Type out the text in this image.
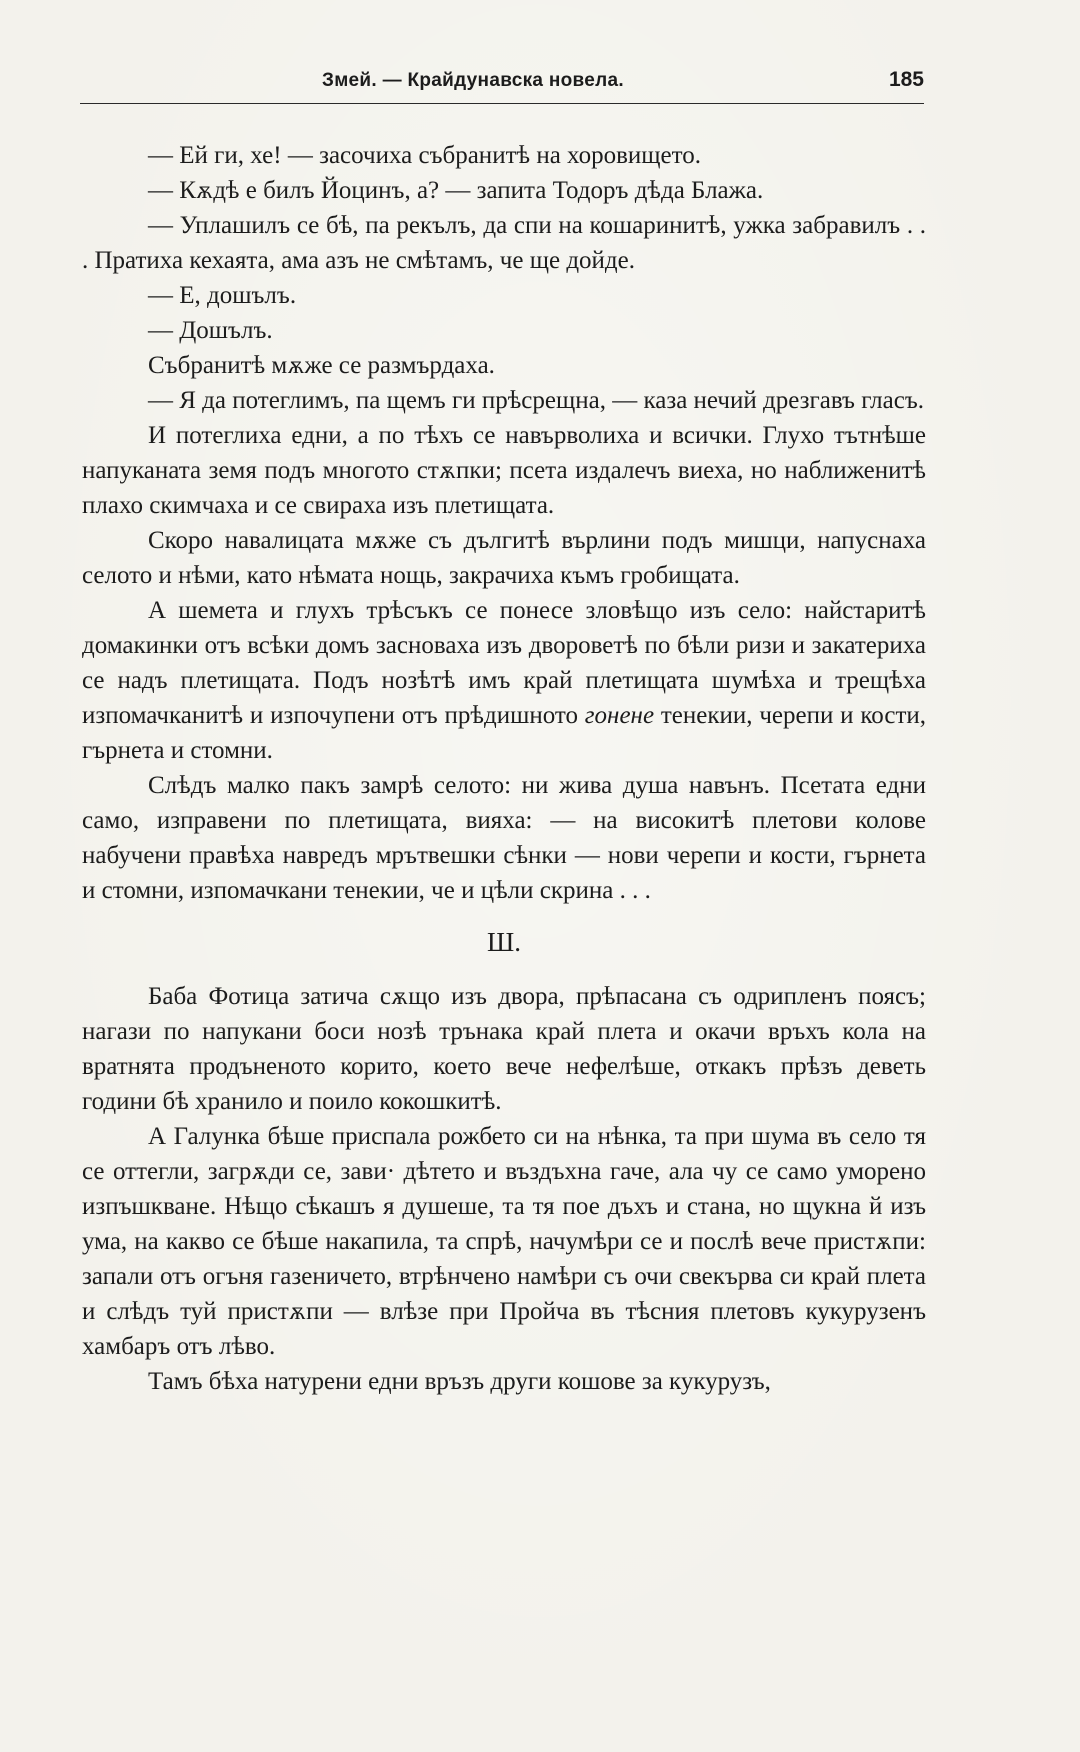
Змей. — Крайдунавска новела.	185

— Ей ги, хе! — засочиха събранитѣ на хоровището.

— Кѫдѣ е билъ Йоцинъ, а? — запита Тодоръ дѣда Блажа.

— Уплашилъ се бѣ, па рекълъ, да спи на кошаринитѣ, ужка забравилъ . . . Пратиха кехаята, ама азъ не смѣтамъ, че ще дойде.

— Е, дошълъ.

— Дошълъ.

Събранитѣ мѫже се размърдаха.

— Я да потеглимъ, па щемъ ги прѣсрещна, — каза нечий дрезгавъ гласъ.

И потеглиха едни, а по тѣхъ се навърволиха и всички. Глухо тътнѣше напуканата земя подъ многото стѫпки; псета издалечъ виеха, но наближенитѣ плахо скимчаха и се свираха изъ плетищата.

Скоро навалицата мѫже съ дългитѣ върлини подъ мишци, напуснаха селото и нѣми, като нѣмата нощь, закрачиха къмъ гробищата.

А шемета и глухъ трѣсъкъ се понесе зловѣщо изъ село: найстаритѣ домакинки отъ всѣки домъ засноваха изъ двороветѣ по бѣли ризи и закатериха се надъ плетищата. Подъ нозѣтѣ имъ край плетищата шумѣха и трещѣха изпомачканитѣ и изпочупени отъ прѣдишното гонене тенекии, черепи и кости, гърнета и стомни.

Слѣдъ малко пакъ замрѣ селото: ни жива душа навънъ. Псетата едни само, изправени по плетищата, вияха: — на високитѣ плетови колове набучени правѣха навредъ мрътвешки сѣнки — нови черепи и кости, гърнета и стомни, изпомачкани тенекии, че и цѣли скрина . . .

Ш.

Баба Фотица затича сѫщо изъ двора, прѣпасана съ одрипленъ поясъ; нагази по напукани боси нозѣ трънака край плета и окачи връхъ кола на вратнята продъненото корито, което вече нефелѣше, откакъ прѣзъ деветь години бѣ хранило и поило кокошкитѣ.

А Галунка бѣше приспала рожбето си на нѣнка, та при шума въ село тя се оттегли, загрѫди се, зави· дѣтето и въздъхна гаче, ала чу се само уморено изпъшкване. Нѣщо сѣкашъ я душеше, та тя пое дъхъ и стана, но щукна й изъ ума, на какво се бѣше накапила, та спрѣ, начумѣри се и послѣ вече пристѫпи: запали отъ огъня газеничето, втрѣнчено намѣри съ очи свекърва си край плета и слѣдъ туй пристѫпи — влѣзе при Пройча въ тѣсния плетовъ кукурузенъ хамбаръ отъ лѣво.

Тамъ бѣха натурени едни връзъ други кошове за кукурузъ,
